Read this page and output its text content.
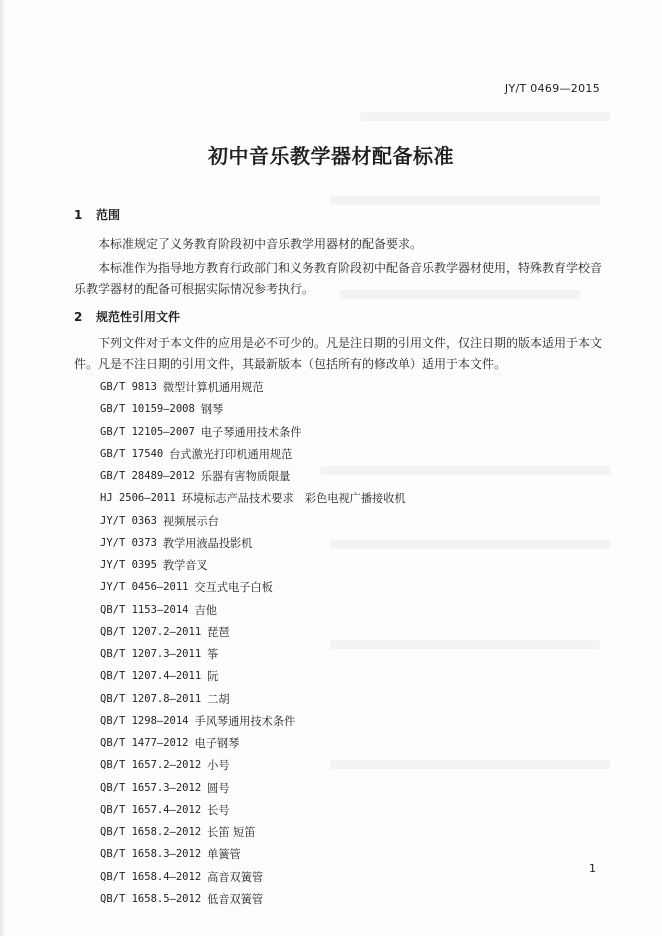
JY/T 0469—2015
初中音乐教学器材配备标准
1 范围

本标准规定了义务教育阶段初中音乐教学用器材的配备要求。

本标准作为指导地方教育行政部门和义务教育阶段初中配备音乐教学器材使用，特殊教育学校音乐教学器材的配备可根据实际情况参考执行。

2 规范性引用文件

下列文件对于本文件的应用是必不可少的。凡是注日期的引用文件，仅注日期的版本适用于本文件。凡是不注日期的引用文件，其最新版本（包括所有的修改单）适用于本文件。

GB/T 9813 微型计算机通用规范
GB/T 10159—2008 钢琴
GB/T 12105—2007 电子琴通用技术条件
GB/T 17540 台式激光打印机通用规范
GB/T 28489—2012 乐器有害物质限量
HJ 2506—2011 环境标志产品技术要求　彩色电视广播接收机
JY/T 0363 视频展示台
JY/T 0373 教学用液晶投影机
JY/T 0395 教学音叉
JY/T 0456—2011 交互式电子白板
QB/T 1153—2014 吉他
QB/T 1207.2—2011 琵琶
QB/T 1207.3—2011 筝
QB/T 1207.4—2011 阮
QB/T 1207.8—2011 二胡
QB/T 1298—2014 手风琴通用技术条件
QB/T 1477—2012 电子钢琴
QB/T 1657.2—2012 小号
QB/T 1657.3—2012 圆号
QB/T 1657.4—2012 长号
QB/T 1658.2—2012 长笛 短笛
QB/T 1658.3—2012 单簧管
QB/T 1658.4—2012 高音双簧管
QB/T 1658.5—2012 低音双簧管
1
